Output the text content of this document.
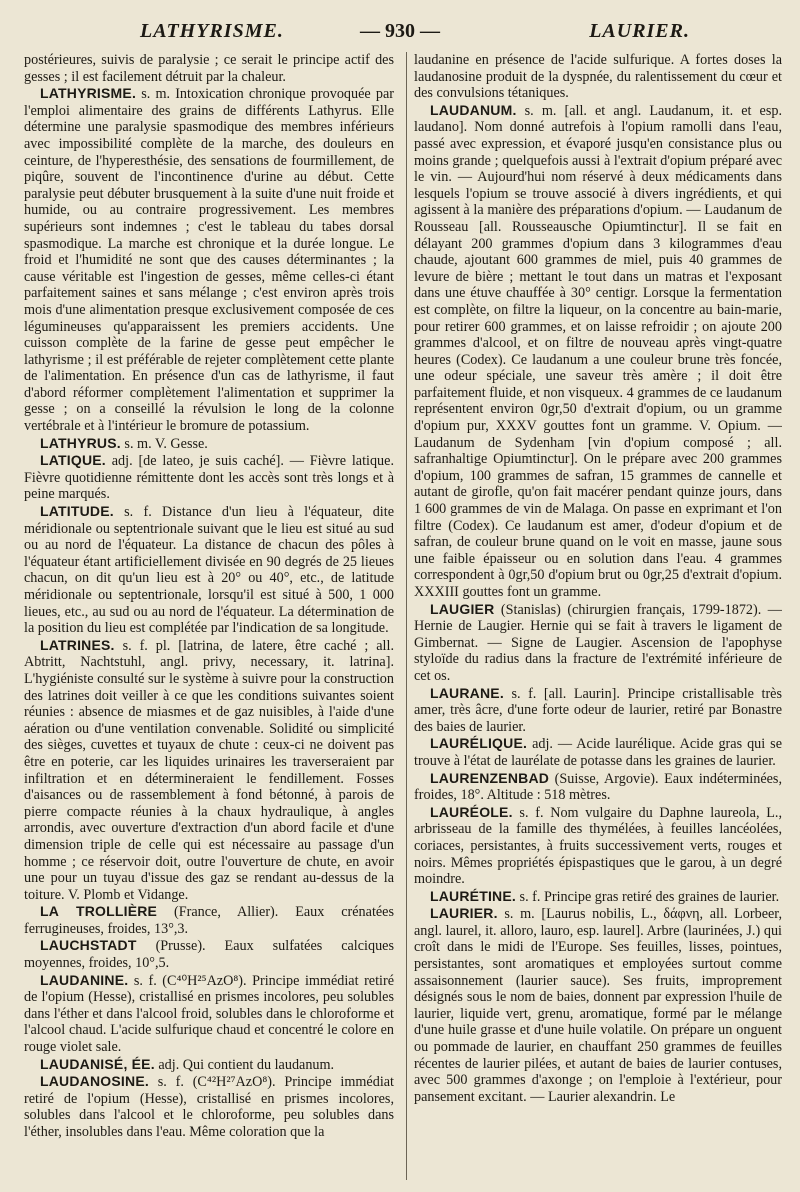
LATHYRISME.	— 930 —	LAURIER.

postérieures, suivis de paralysie ; ce serait le principe actif des gesses ; il est facilement détruit par la chaleur.

LATHYRISME. s. m. Intoxication chronique provoquée par l'emploi alimentaire des grains de différents Lathyrus. Elle détermine une paralysie spasmodique des membres inférieurs avec impossibilité complète de la marche, des douleurs en ceinture, de l'hyperesthésie, des sensations de fourmillement, de piqûre, souvent de l'incontinence d'urine au début. Cette paralysie peut débuter brusquement à la suite d'une nuit froide et humide, ou au contraire progressivement. Les membres supérieurs sont indemnes ; c'est le tableau du tabes dorsal spasmodique. La marche est chronique et la durée longue. Le froid et l'humidité ne sont que des causes déterminantes ; la cause véritable est l'ingestion de gesses, même celles-ci étant parfaitement saines et sans mélange ; c'est environ après trois mois d'une alimentation presque exclusivement composée de ces légumineuses qu'apparaissent les premiers accidents. Une cuisson complète de la farine de gesse peut empêcher le lathyrisme ; il est préférable de rejeter complètement cette plante de l'alimentation. En présence d'un cas de lathyrisme, il faut d'abord réformer complètement l'alimentation et supprimer la gesse ; on a conseillé la révulsion le long de la colonne vertébrale et à l'intérieur le bromure de potassium.

LATHYRUS. s. m. V. Gesse.

LATIQUE. adj. [de lateo, je suis caché]. — Fièvre latique. Fièvre quotidienne rémittente dont les accès sont très longs et à peine marqués.

LATITUDE. s. f. Distance d'un lieu à l'équateur, dite méridionale ou septentrionale suivant que le lieu est situé au sud ou au nord de l'équateur. La distance de chacun des pôles à l'équateur étant artificiellement divisée en 90 degrés de 25 lieues chacun, on dit qu'un lieu est à 20° ou 40°, etc., de latitude méridionale ou septentrionale, lorsqu'il est situé à 500, 1 000 lieues, etc., au sud ou au nord de l'équateur. La détermination de la position du lieu est complétée par l'indication de sa longitude.

LATRINES. s. f. pl. [latrina, de latere, être caché ; all. Abtritt, Nachtstuhl, angl. privy, necessary, it. latrina]. L'hygiéniste consulté sur le système à suivre pour la construction des latrines doit veiller à ce que les conditions suivantes soient réunies : absence de miasmes et de gaz nuisibles, à l'aide d'une aération ou d'une ventilation convenable. Solidité ou simplicité des sièges, cuvettes et tuyaux de chute : ceux-ci ne doivent pas être en poterie, car les liquides urinaires les traverseraient par infiltration et en détermineraient le fendillement. Fosses d'aisances ou de rassemblement à fond bétonné, à parois de pierre compacte réunies à la chaux hydraulique, à angles arrondis, avec ouverture d'extraction d'un abord facile et d'une dimension triple de celle qui est nécessaire au passage d'un homme ; ce réservoir doit, outre l'ouverture de chute, en avoir une pour un tuyau d'issue des gaz se rendant au-dessus de la toiture. V. Plomb et Vidange.

LA TROLLIÈRE (France, Allier). Eaux crénatées ferrugineuses, froides, 13°,3.

LAUCHSTADT (Prusse). Eaux sulfatées calciques moyennes, froides, 10°,5.

LAUDANINE. s. f. (C⁴⁰H²⁵AzO⁸). Principe immédiat retiré de l'opium (Hesse), cristallisé en prismes incolores, peu solubles dans l'éther et dans l'alcool froid, solubles dans le chloroforme et l'alcool chaud. L'acide sulfurique chaud et concentré le colore en rouge violet sale.

LAUDANISÉ, ÉE. adj. Qui contient du laudanum.

LAUDANOSINE. s. f. (C⁴²H²⁷AzO⁸). Principe immédiat retiré de l'opium (Hesse), cristallisé en prismes incolores, solubles dans l'alcool et le chloroforme, peu solubles dans l'éther, insolubles dans l'eau. Même coloration que la

laudanine en présence de l'acide sulfurique. A fortes doses la laudanosine produit de la dyspnée, du ralentissement du cœur et des convulsions tétaniques.

LAUDANUM. s. m. [all. et angl. Laudanum, it. et esp. laudano]. Nom donné autrefois à l'opium ramolli dans l'eau, passé avec expression, et évaporé jusqu'en consistance plus ou moins grande ; quelquefois aussi à l'extrait d'opium préparé avec le vin. — Aujourd'hui nom réservé à deux médicaments dans lesquels l'opium se trouve associé à divers ingrédients, et qui agissent à la manière des préparations d'opium. — Laudanum de Rousseau [all. Rousseausche Opiumtinctur]. Il se fait en délayant 200 grammes d'opium dans 3 kilogrammes d'eau chaude, ajoutant 600 grammes de miel, puis 40 grammes de levure de bière ; mettant le tout dans un matras et l'exposant dans une étuve chauffée à 30° centigr. Lorsque la fermentation est complète, on filtre la liqueur, on la concentre au bain-marie, pour retirer 600 grammes, et on laisse refroidir ; on ajoute 200 grammes d'alcool, et on filtre de nouveau après vingt-quatre heures (Codex). Ce laudanum a une couleur brune très foncée, une odeur spéciale, une saveur très amère ; il doit être parfaitement fluide, et non visqueux. 4 grammes de ce laudanum représentent environ 0gr,50 d'extrait d'opium, ou un gramme d'opium pur, XXXV gouttes font un gramme. V. Opium. — Laudanum de Sydenham [vin d'opium composé ; all. safranhaltige Opiumtinctur]. On le prépare avec 200 grammes d'opium, 100 grammes de safran, 15 grammes de cannelle et autant de girofle, qu'on fait macérer pendant quinze jours, dans 1 600 grammes de vin de Malaga. On passe en exprimant et l'on filtre (Codex). Ce laudanum est amer, d'odeur d'opium et de safran, de couleur brune quand on le voit en masse, jaune sous une faible épaisseur ou en solution dans l'eau. 4 grammes correspondent à 0gr,50 d'opium brut ou 0gr,25 d'extrait d'opium. XXXIII gouttes font un gramme.

LAUGIER (Stanislas) (chirurgien français, 1799-1872). — Hernie de Laugier. Hernie qui se fait à travers le ligament de Gimbernat. — Signe de Laugier. Ascension de l'apophyse styloïde du radius dans la fracture de l'extrémité inférieure de cet os.

LAURANE. s. f. [all. Laurin]. Principe cristallisable très amer, très âcre, d'une forte odeur de laurier, retiré par Bonastre des baies de laurier.

LAURÉLIQUE. adj. — Acide laurélique. Acide gras qui se trouve à l'état de laurélate de potasse dans les graines de laurier.

LAURENZENBAD (Suisse, Argovie). Eaux indéterminées, froides, 18°. Altitude : 518 mètres.

LAURÉOLE. s. f. Nom vulgaire du Daphne laureola, L., arbrisseau de la famille des thymélées, à feuilles lancéolées, coriaces, persistantes, à fruits successivement verts, rouges et noirs. Mêmes propriétés épispastiques que le garou, à un degré moindre.

LAURÉTINE. s. f. Principe gras retiré des graines de laurier.

LAURIER. s. m. [Laurus nobilis, L., δάφνη, all. Lorbeer, angl. laurel, it. alloro, lauro, esp. laurel]. Arbre (laurinées, J.) qui croît dans le midi de l'Europe. Ses feuilles, lisses, pointues, persistantes, sont aromatiques et employées surtout comme assaisonnement (laurier sauce). Ses fruits, improprement désignés sous le nom de baies, donnent par expression l'huile de laurier, liquide vert, grenu, aromatique, formé par le mélange d'une huile grasse et d'une huile volatile. On prépare un onguent ou pommade de laurier, en chauffant 250 grammes de feuilles récentes de laurier pilées, et autant de baies de laurier contuses, avec 500 grammes d'axonge ; on l'emploie à l'extérieur, pour pansement excitant. — Laurier alexandrin. Le
